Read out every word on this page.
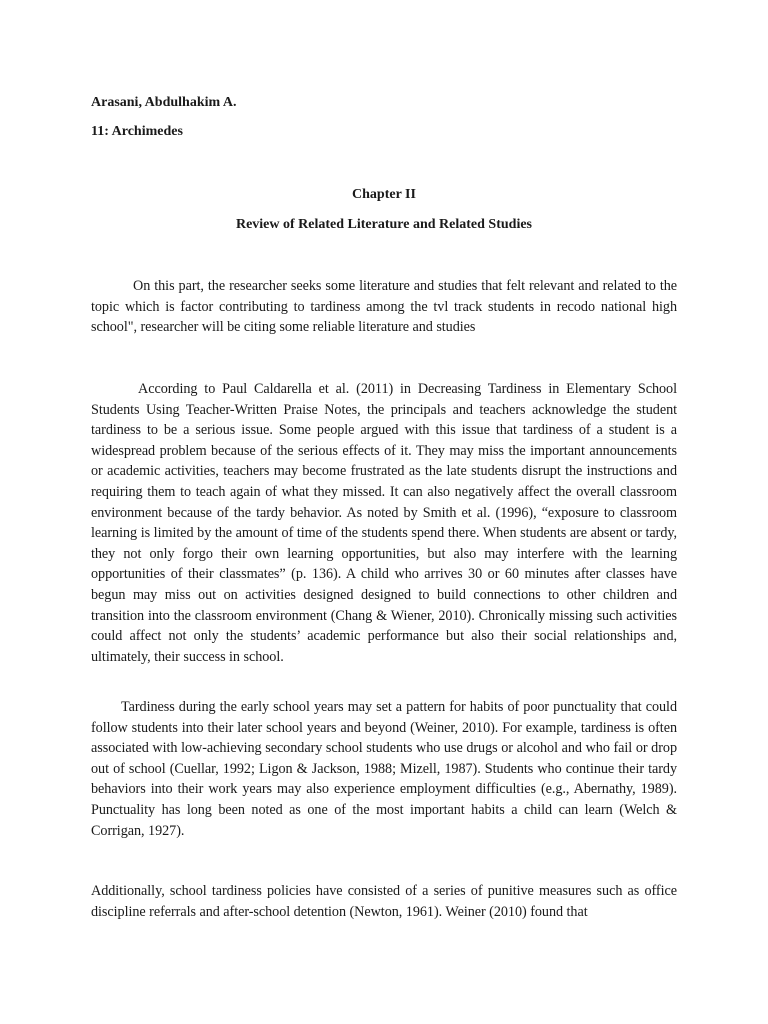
Arasani, Abdulhakim A.

11: Archimedes

Chapter II
Review of Related Literature and Related Studies

On this part, the researcher seeks some literature and studies that felt relevant and related to the topic which is factor contributing to tardiness among the tvl track students in recodo national high school", researcher will be citing some reliable literature and studies

According to Paul Caldarella et al. (2011) in Decreasing Tardiness in Elementary School Students Using Teacher-Written Praise Notes, the principals and teachers acknowledge the student tardiness to be a serious issue. Some people argued with this issue that tardiness of a student is a widespread problem because of the serious effects of it. They may miss the important announcements or academic activities, teachers may become frustrated as the late students disrupt the instructions and requiring them to teach again of what they missed. It can also negatively affect the overall classroom environment because of the tardy behavior. As noted by Smith et al. (1996), “exposure to classroom learning is limited by the amount of time of the students spend there. When students are absent or tardy, they not only forgo their own learning opportunities, but also may interfere with the learning opportunities of their classmates” (p. 136). A child who arrives 30 or 60 minutes after classes have begun may miss out on activities designed designed to build connections to other children and transition into the classroom environment (Chang & Wiener, 2010). Chronically missing such activities could affect not only the students’ academic performance but also their social relationships and, ultimately, their success in school.

Tardiness during the early school years may set a pattern for habits of poor punctuality that could follow students into their later school years and beyond (Weiner, 2010). For example, tardiness is often associated with low-achieving secondary school students who use drugs or alcohol and who fail or drop out of school (Cuellar, 1992; Ligon & Jackson, 1988; Mizell, 1987). Students who continue their tardy behaviors into their work years may also experience employment difficulties (e.g., Abernathy, 1989). Punctuality has long been noted as one of the most important habits a child can learn (Welch & Corrigan, 1927).

Additionally, school tardiness policies have consisted of a series of punitive measures such as office discipline referrals and after-school detention (Newton, 1961). Weiner (2010) found that
